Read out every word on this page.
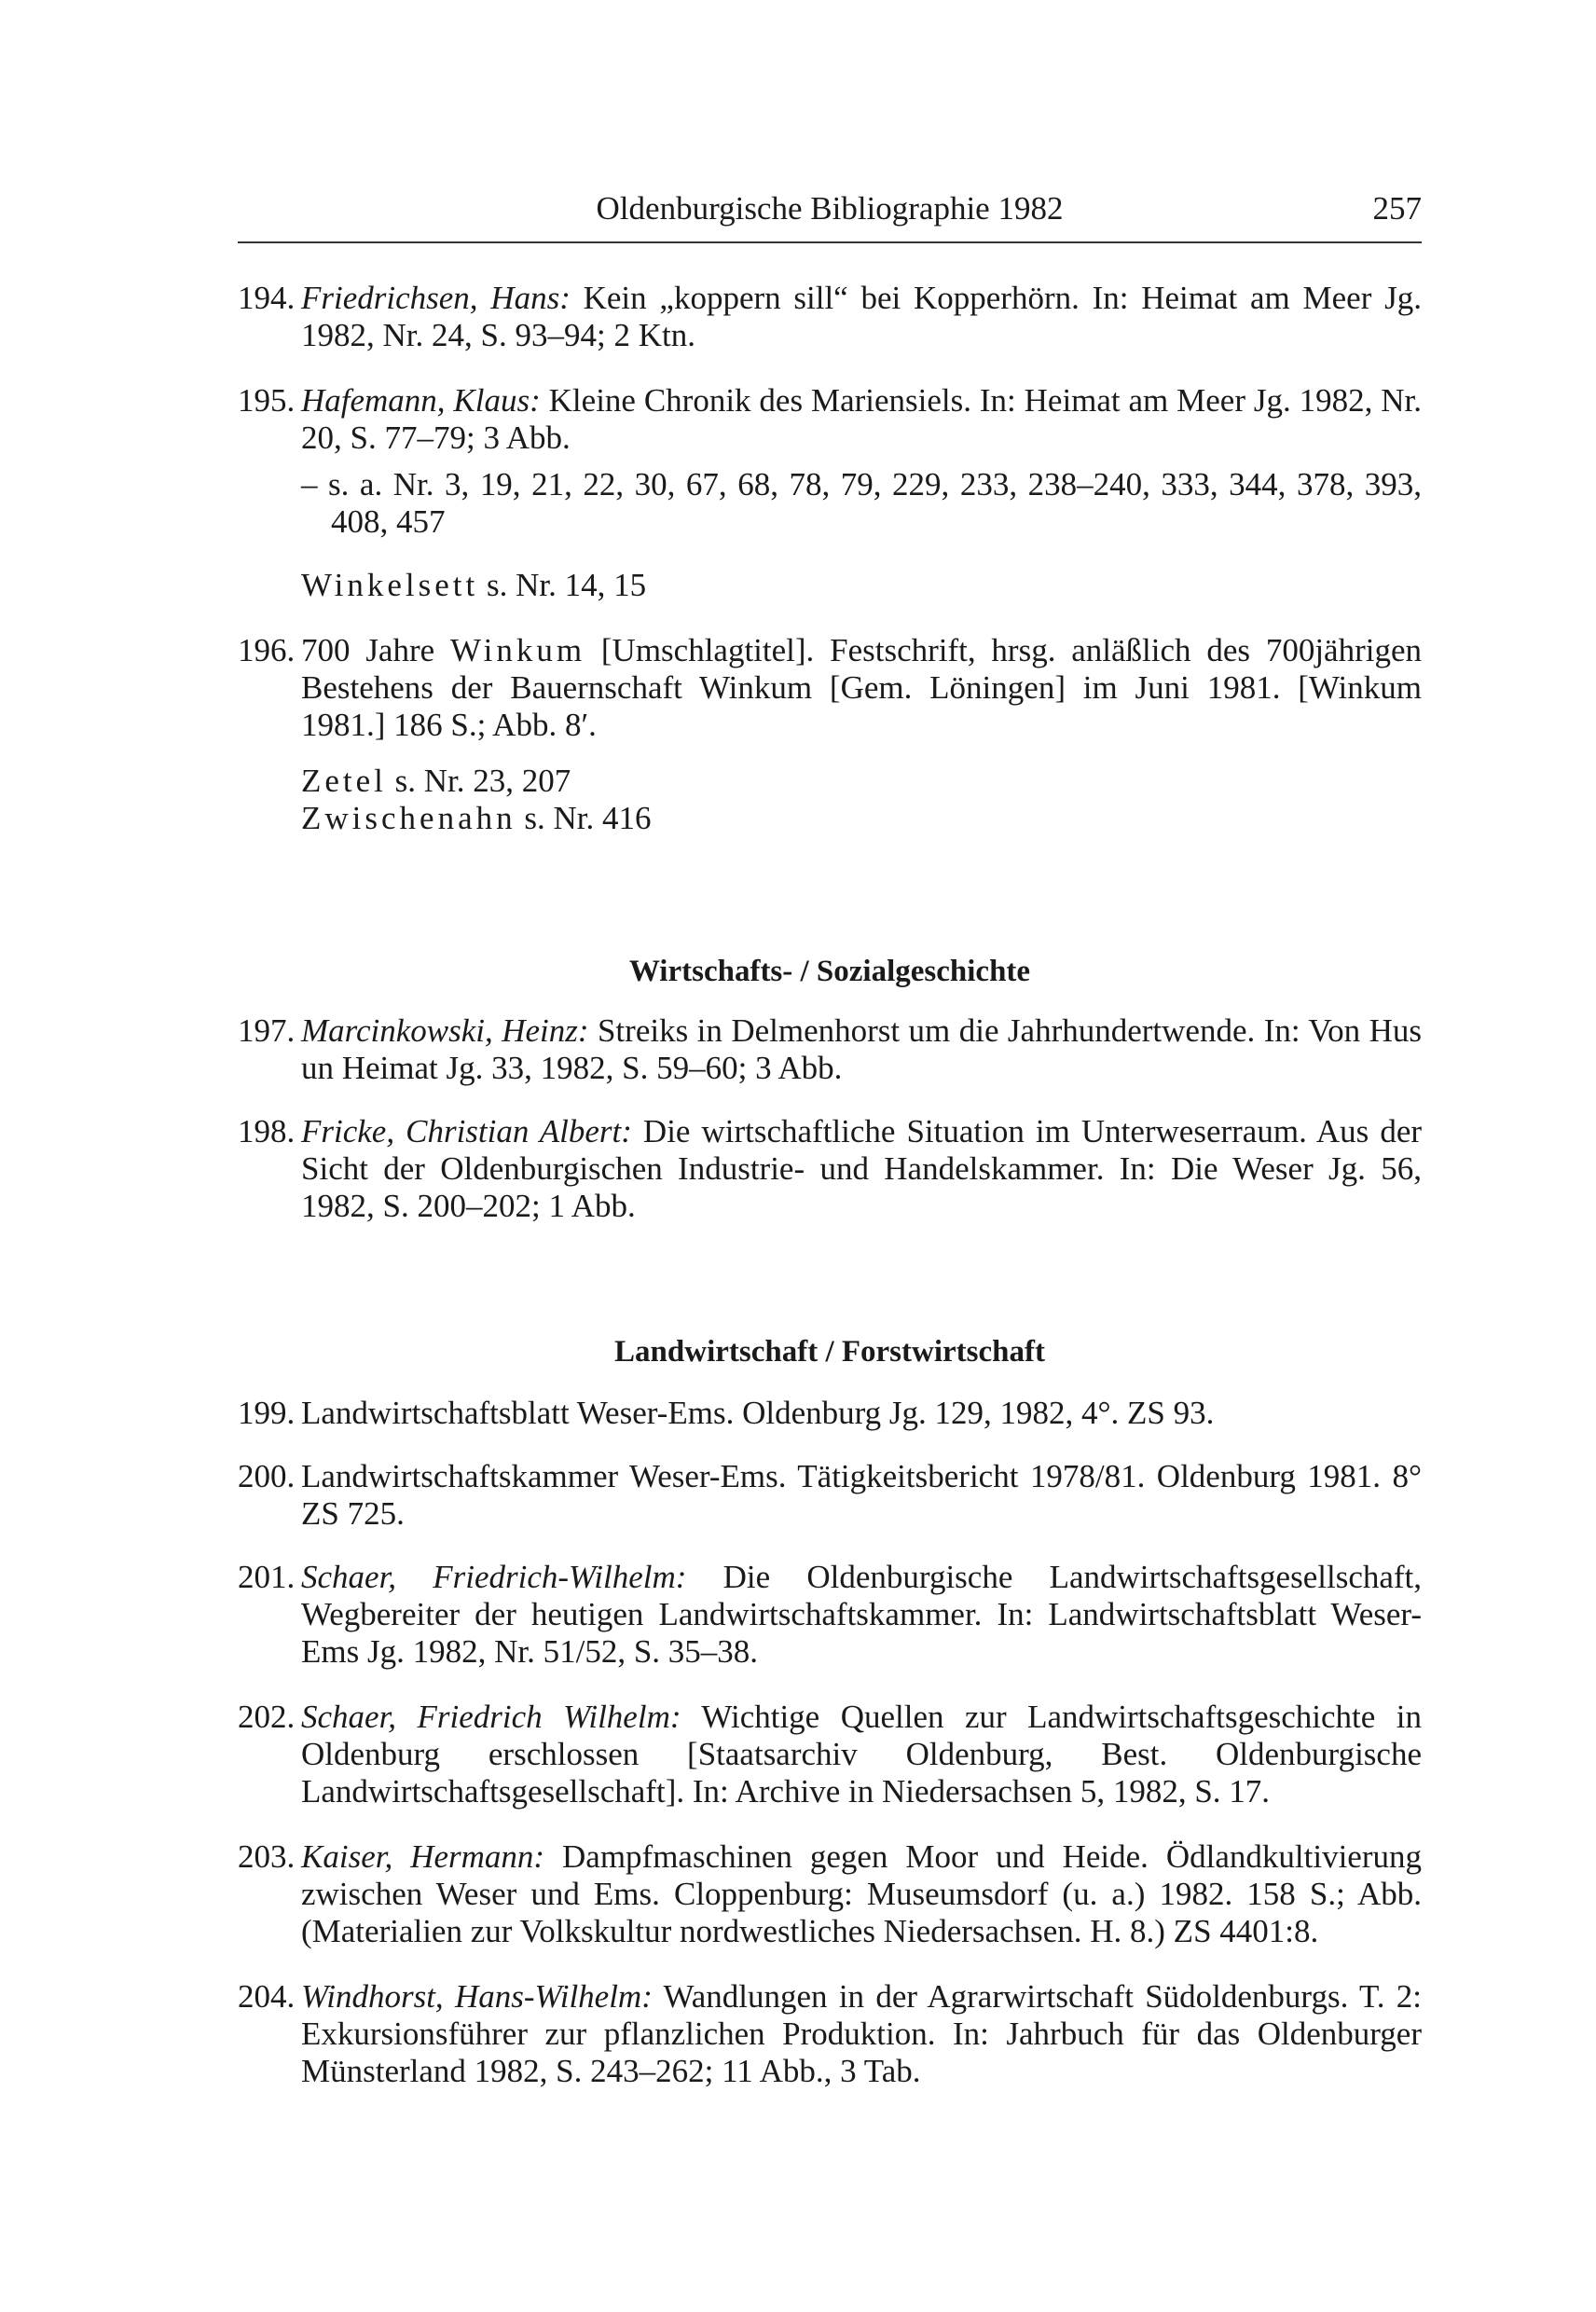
Oldenburgische Bibliographie 1982	257
194. Friedrichsen, Hans: Kein „koppern sill“ bei Kopperhörn. In: Heimat am Meer Jg. 1982, Nr. 24, S. 93–94; 2 Ktn.
195. Hafemann, Klaus: Kleine Chronik des Mariensiels. In: Heimat am Meer Jg. 1982, Nr. 20, S. 77–79; 3 Abb.
– s. a. Nr. 3, 19, 21, 22, 30, 67, 68, 78, 79, 229, 233, 238–240, 333, 344, 378, 393, 408, 457
Winkelsett s. Nr. 14, 15
196. 700 Jahre Winkum [Umschlagtitel]. Festschrift, hrsg. anläßlich des 700jährigen Bestehens der Bauernschaft Winkum [Gem. Löningen] im Juni 1981. [Winkum 1981.] 186 S.; Abb. 8′.
Zetel s. Nr. 23, 207
Zwischenahn s. Nr. 416
Wirtschafts- / Sozialgeschichte
197. Marcinkowski, Heinz: Streiks in Delmenhorst um die Jahrhundertwende. In: Von Hus un Heimat Jg. 33, 1982, S. 59–60; 3 Abb.
198. Fricke, Christian Albert: Die wirtschaftliche Situation im Unterweserraum. Aus der Sicht der Oldenburgischen Industrie- und Handelskammer. In: Die Weser Jg. 56, 1982, S. 200–202; 1 Abb.
Landwirtschaft / Forstwirtschaft
199. Landwirtschaftsblatt Weser-Ems. Oldenburg Jg. 129, 1982, 4°. ZS 93.
200. Landwirtschaftskammer Weser-Ems. Tätigkeitsbericht 1978/81. Oldenburg 1981. 8° ZS 725.
201. Schaer, Friedrich-Wilhelm: Die Oldenburgische Landwirtschaftsgesellschaft, Wegbereiter der heutigen Landwirtschaftskammer. In: Landwirtschaftsblatt Weser-Ems Jg. 1982, Nr. 51/52, S. 35–38.
202. Schaer, Friedrich Wilhelm: Wichtige Quellen zur Landwirtschaftsgeschichte in Oldenburg erschlossen [Staatsarchiv Oldenburg, Best. Oldenburgische Landwirtschaftsgesellschaft]. In: Archive in Niedersachsen 5, 1982, S. 17.
203. Kaiser, Hermann: Dampfmaschinen gegen Moor und Heide. Ödlandkultivierung zwischen Weser und Ems. Cloppenburg: Museumsdorf (u. a.) 1982. 158 S.; Abb. (Materialien zur Volkskultur nordwestliches Niedersachsen. H. 8.) ZS 4401:8.
204. Windhorst, Hans-Wilhelm: Wandlungen in der Agrarwirtschaft Südoldenburgs. T. 2: Exkursionsführer zur pflanzlichen Produktion. In: Jahrbuch für das Oldenburger Münsterland 1982, S. 243–262; 11 Abb., 3 Tab.
